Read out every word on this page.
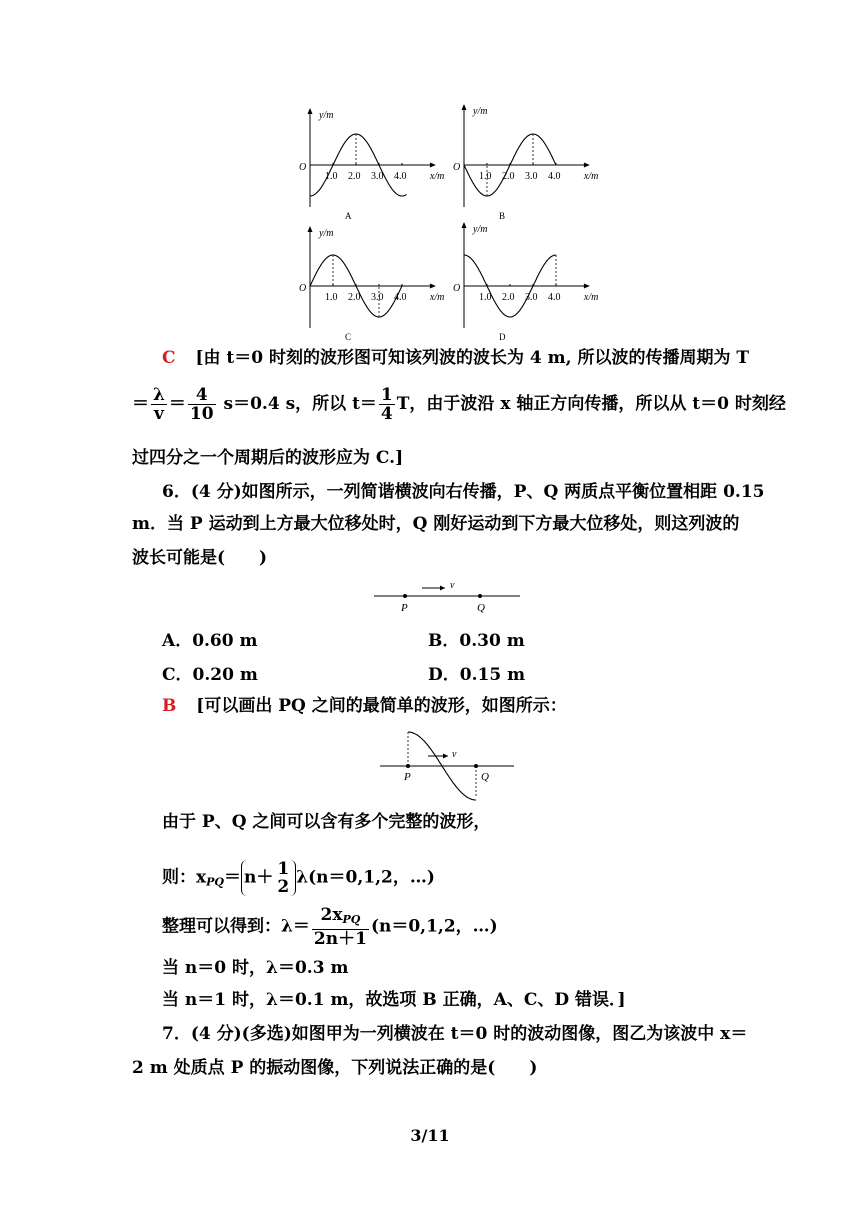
y/m
x/m
O
A
1.0 2.0 3.0 4.0
y/m
x/m
O
B
1.0 2.0 3.0 4.0
y/m
x/m
O
C
1.0 2.0 3.0 4.0
y/m
x/m
O
D
1.0 2.0 3.0 4.0
C [由 t＝0 时刻的波形图可知该列波的波长为 4 m, 所以波的传播周期为 T
＝ $\frac{\lambda}{v} = \frac{4}{10} s=0.4$ s，所以 $t= \frac{1}{4}$ T，由于波沿 x 轴正方向传播，所以从 t＝0 时刻经
过四分之一个周期后的波形应为 C.]
6．(4 分)如图所示，一列简谐横波向右传播，P、Q 两质点平衡位置相距 0.15
m．当 P 运动到上方最大位移处时，Q 刚好运动到下方最大位移处，则这列波的
波长可能是(　　)
v
P	Q
A．0.60 m	B．0.30 m
C．0.20 m	D．0.15 m
B [可以画出 PQ 之间的最简单的波形，如图所示：
v
P	Q
由于 P、Q 之间可以含有多个完整的波形，
则：$x_{PQ}= n+ 1$
2 λ(n＝0,1,2，…)
整理可以得到：$\lambda= \frac{2x_{PQ}}{2n+1} (n=0,1,2$，…)
当 n＝0 时，λ＝0.3 m
当 n＝1 时，λ＝0.1 m，故选项 B 正确，A、C、D 错误．]
7．(4 分)(多选)如图甲为一列横波在 t＝0 时的波动图像，图乙为该波中 x＝
2 m 处质点 P 的振动图像，下列说法正确的是(　　)
3/11
